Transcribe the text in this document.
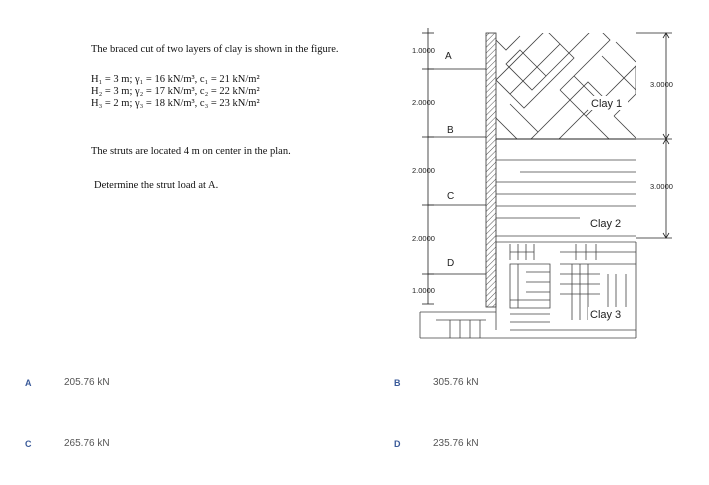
The braced cut of two layers of clay is shown in the figure.
H₁ = 3 m; γ₁ = 16 kN/m³, c₁ = 21 kN/m²
H₂ = 3 m; γ₂ = 17 kN/m³, c₂ = 22 kN/m²
H₃ = 2 m; γ₃ = 18 kN/m³, c₃ = 23 kN/m²
The struts are located 4 m on center in the plan.
Determine the strut load at A.
1.0000
2.0000
2.0000
2.0000
1.0000
A
B
C
D
Clay 1
Clay 2
Clay 3
3.0000
3.0000
A	205.76 kN	B	305.76 kN
C	265.76 kN	D	235.76 kN
